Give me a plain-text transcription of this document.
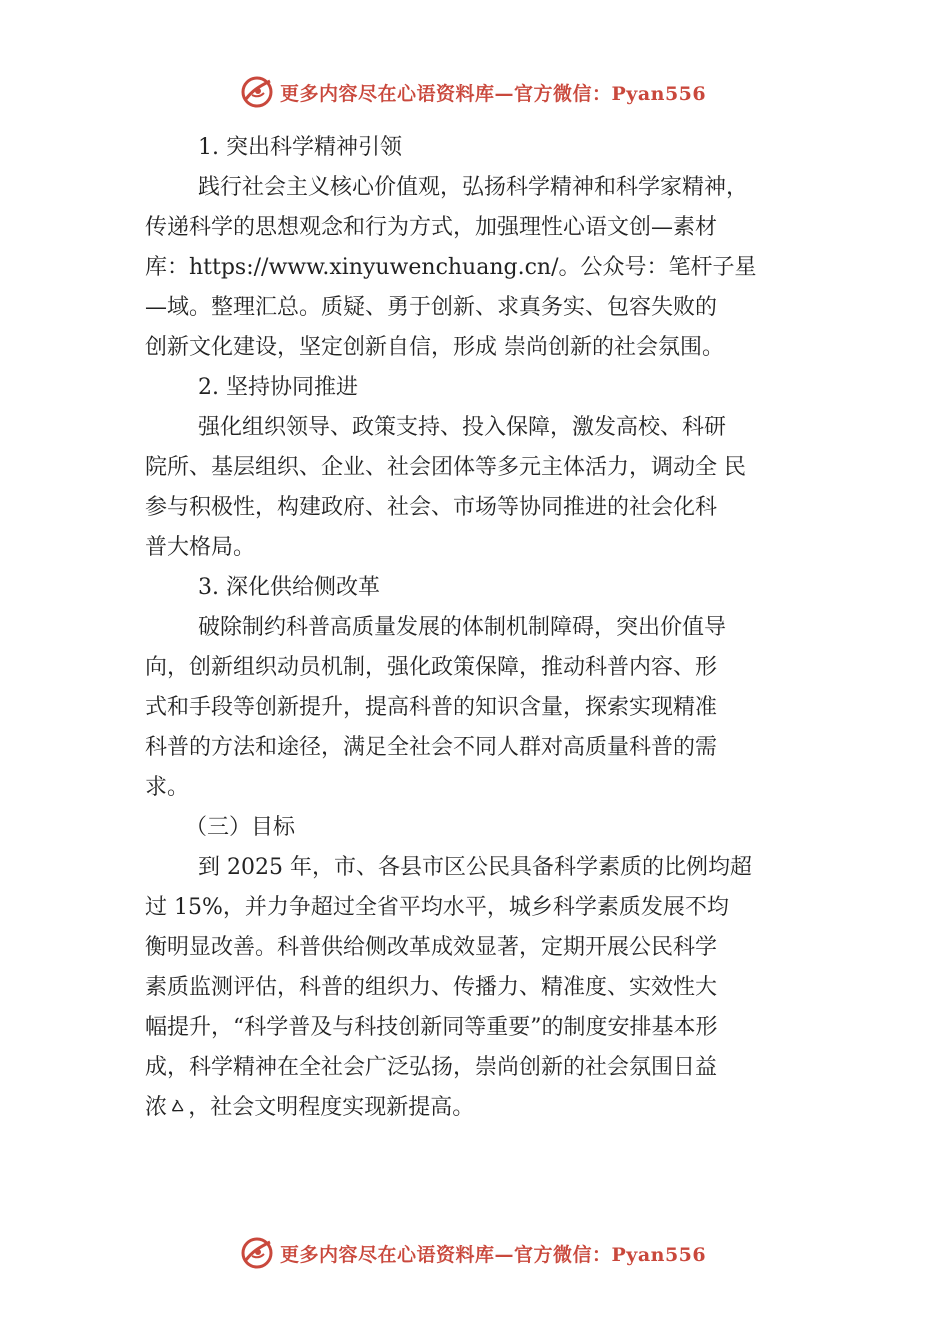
更多内容尽在心语资料库—官方微信：Pyan556
1. 突出科学精神引领
践行社会主义核心价值观，弘扬科学精神和科学家精神，
传递科学的思想观念和行为方式，加强理性心语文创—素材
库：https://www.xinyuwenchuang.cn/。公众号：笔杆子星
—域。整理汇总。质疑、勇于创新、求真务实、包容失败的
创新文化建设，坚定创新自信，形成 崇尚创新的社会氛围。
2. 坚持协同推进
强化组织领导、政策支持、投入保障，激发高校、科研
院所、基层组织、企业、社会团体等多元主体活力，调动全 民
参与积极性，构建政府、社会、市场等协同推进的社会化科
普大格局。
3. 深化供给侧改革
破除制约科普高质量发展的体制机制障碍，突出价值导
向，创新组织动员机制，强化政策保障，推动科普内容、形
式和手段等创新提升，提高科普的知识含量，探索实现精准
科普的方法和途径，满足全社会不同人群对高质量科普的需
求。
（三）目标
到 2025 年，市、各县市区公民具备科学素质的比例均超
过 15%，并力争超过全省平均水平，城乡科学素质发展不均
衡明显改善。科普供给侧改革成效显著，定期开展公民科学
素质监测评估，科普的组织力、传播力、精准度、实效性大
幅提升，“科学普及与科技创新同等重要”的制度安排基本形
成，科学精神在全社会广泛弘扬，崇尚创新的社会氛围日益
浓ㅿ，社会文明程度实现新提高。
更多内容尽在心语资料库—官方微信：Pyan556
